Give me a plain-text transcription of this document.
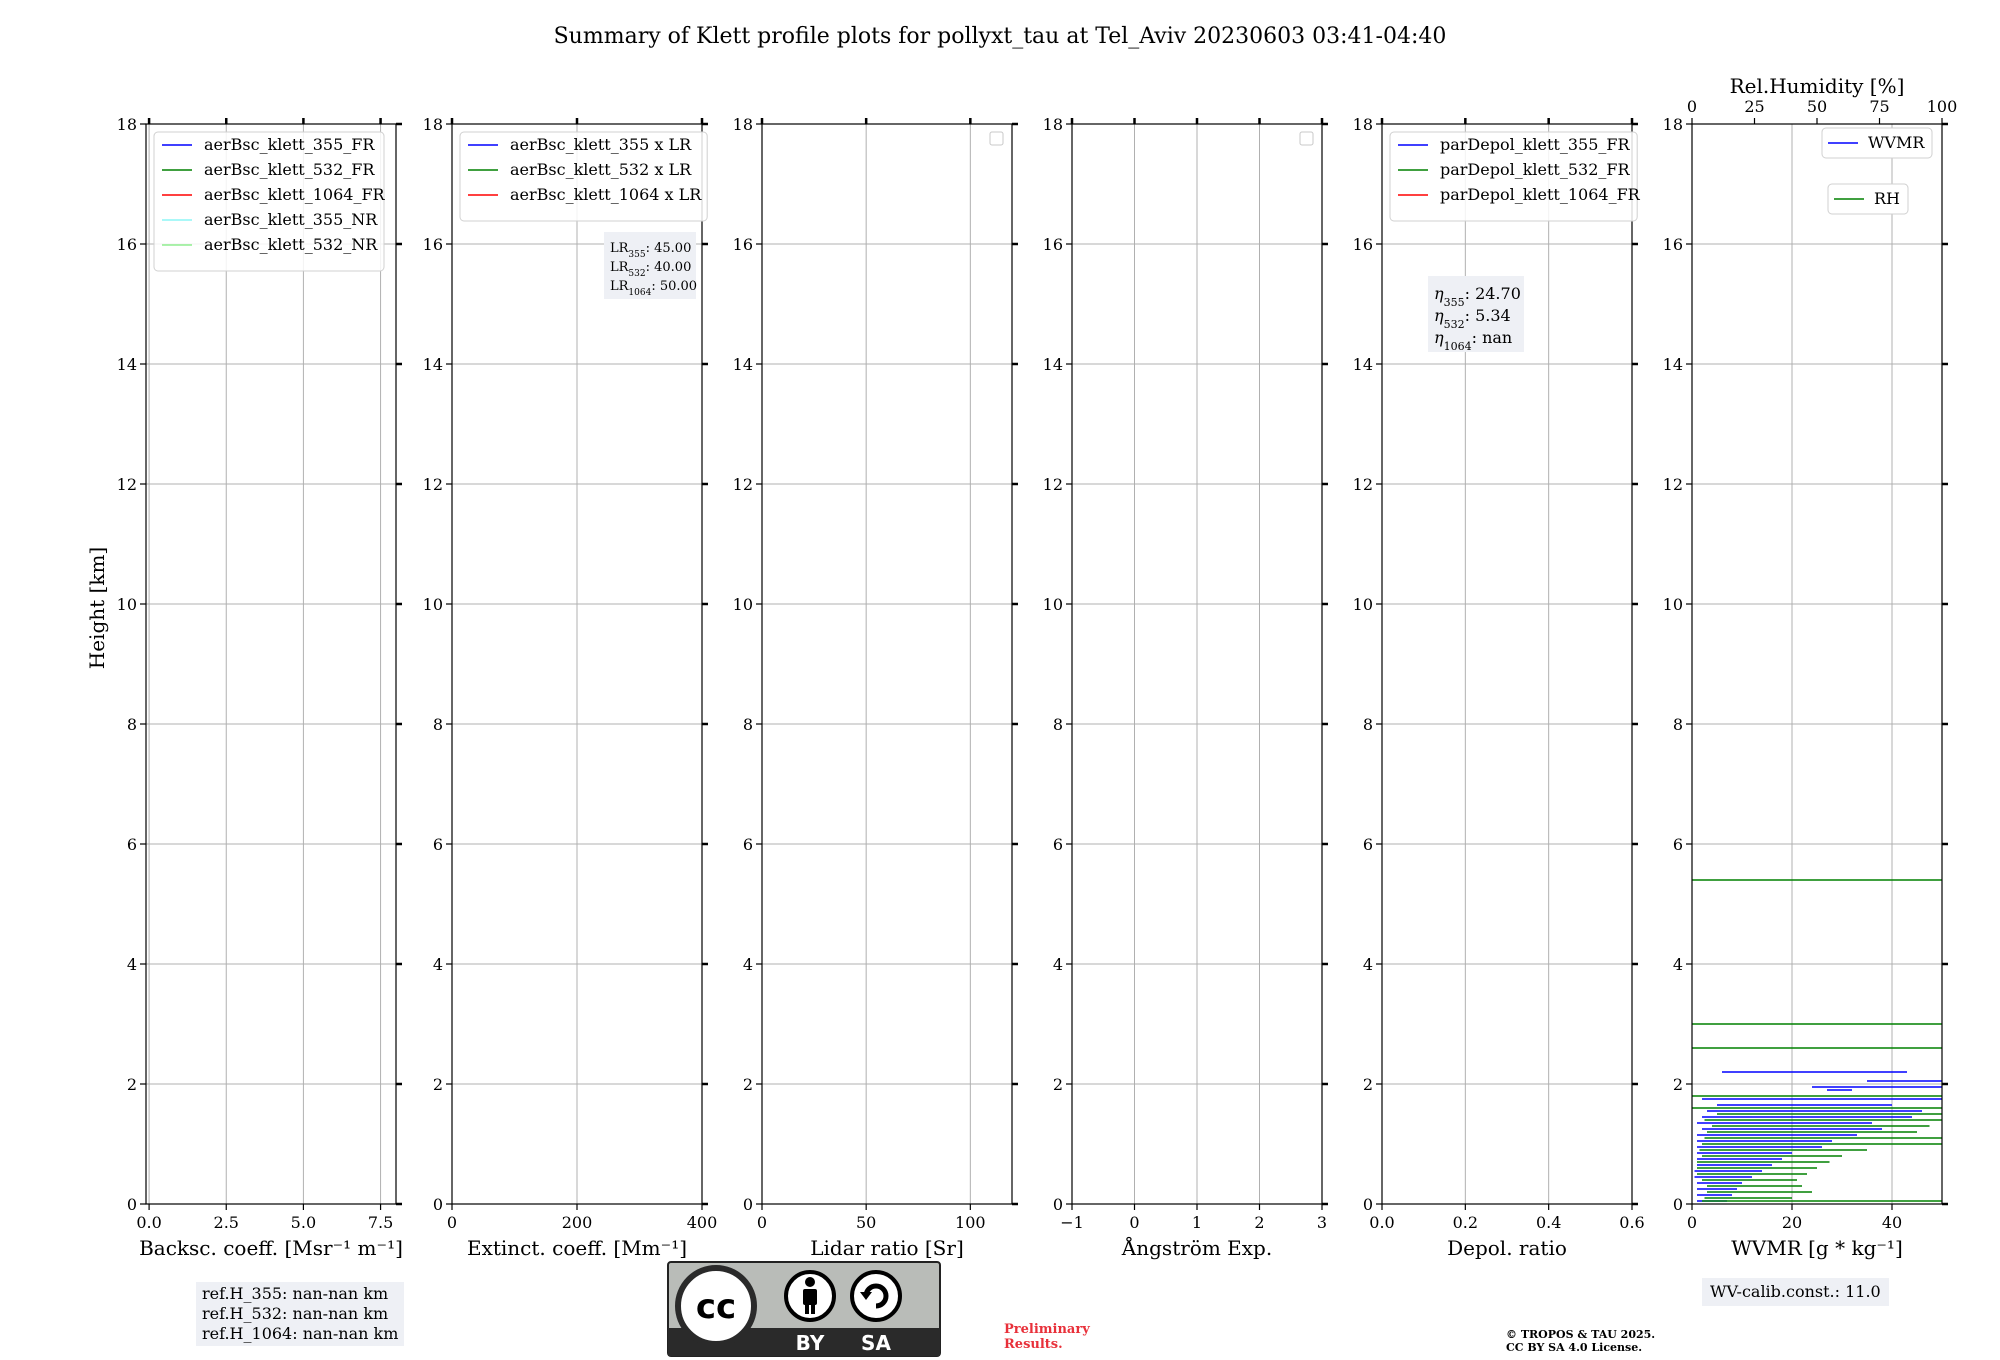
Summary of Klett profile plots for pollyxt_tau at Tel_Aviv 20230603 03:41-04:40
Height [km]
0
2
4
6
8
10
12
14
16
18
0.0	2.5	5.0	7.5
Backsc. coeff. [Msr⁻¹ m⁻¹]
aerBsc_klett_355_FR
aerBsc_klett_532_FR
aerBsc_klett_1064_FR
aerBsc_klett_355_NR
aerBsc_klett_532_NR
0
2
4
6
8
10
12
14
16
18
0	200	400
Extinct. coeff. [Mm⁻¹]
aerBsc_klett_355 x LR
aerBsc_klett_532 x LR
aerBsc_klett_1064 x LR
$LR_{355}$: 45.00
$LR_{532}$: 40.00
$LR_{1064}$: 50.00
0
2
4
6
8
10
12
14
16
18
0	50	100
Lidar ratio [Sr]
0
2
4
6
8
10
12
14
16
18
−1	0	1	2	3
Ångström Exp.
0
2
4
6
8
10
12
14
16
18
0.0	0.2	0.4	0.6
Depol. ratio
parDepol_klett_355_FR
parDepol_klett_532_FR
parDepol_klett_1064_FR
$\eta_{355}$: 24.70
$\eta_{532}$: 5.34
$\eta_{1064}$: nan
0
2
4
6
8
10
12
14
16
18
0	20	40
WVMR [g * kg⁻¹]
0	25	50	75 100
Rel.Humidity [%]
WVMR
RH
cc
BY SA
ref.H_355: nan-nan km
ref.H_532: nan-nan km
ref.H_1064: nan-nan km
WV-calib.const.: 11.0
Preliminary
Results.
© TROPOS & TAU 2025.
CC BY SA 4.0 License.
